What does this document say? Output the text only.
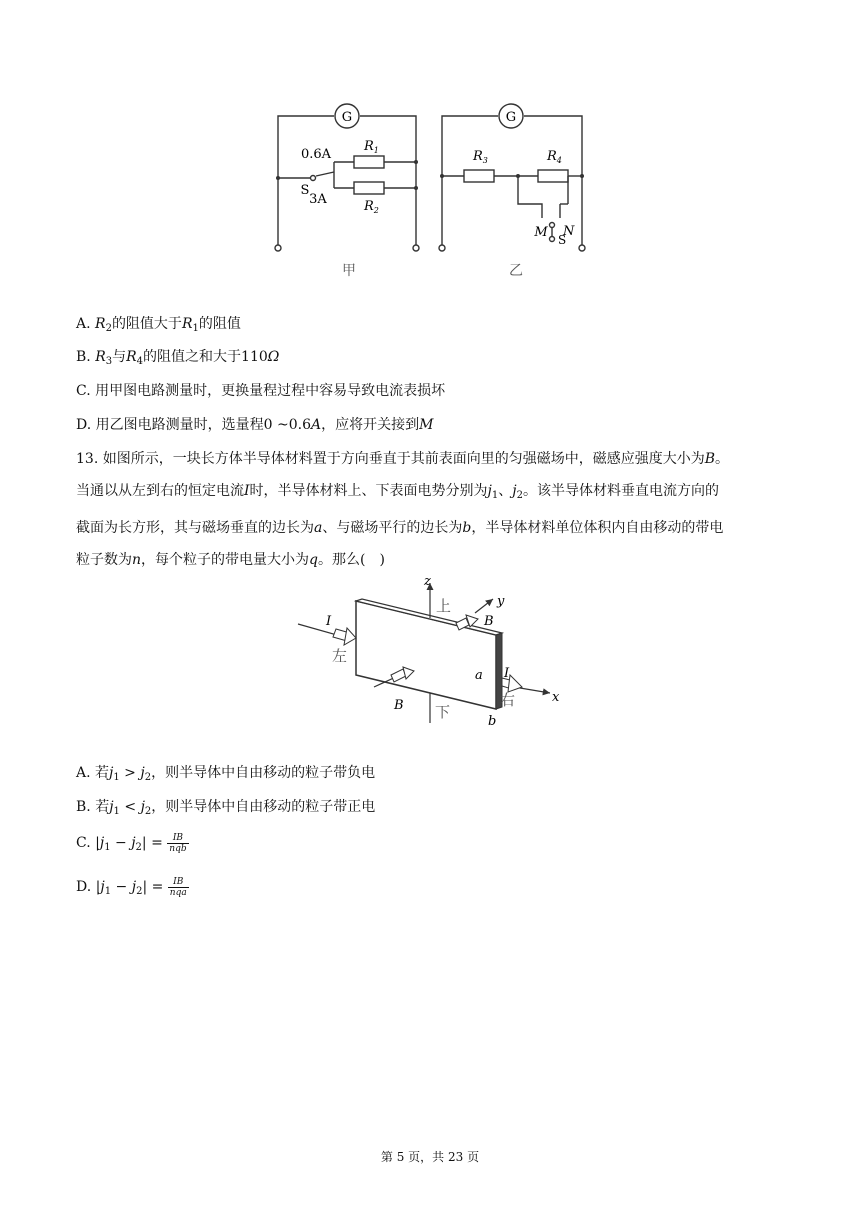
G	G
0.6A
3A
S
$R_1$
$R_2$
$R_3$	$R_4$
M N
S
甲	乙
A. $R_2$的阻值大于$R_1$的阻值
B. $R_3$与$R_4$的阻值之和大于110Ω
C. 用甲图电路测量时，更换量程过程中容易导致电流表损坏
D. 用乙图电路测量时，选量程0 ~0.6A，应将开关接到M
13. 如图所示，一块长方体半导体材料置于方向垂直于其前表面向里的匀强磁场中，磁感应强度大小为B。
当通以从左到右的恒定电流I时，半导体材料上、下表面电势分别为$j_1$、$j_2$。该半导体材料垂直电流方向的
截面为长方形，其与磁场垂直的边长为a、与磁场平行的边长为b，半导体材料单位体积内自由移动的带电
粒子数为n，每个粒子的带电量大小为q。那么(　)
z
y
x
上
下
左
右
I
I
B
B
a
b
A. 若$j_1 > j_2$，则半导体中自由移动的粒子带负电
B. 若$j_1 < j_2$，则半导体中自由移动的粒子带正电
C. $|j_1 - j_2| = \frac{IB}{\text{nqb}}$
D. $|j_1 - j_2| = \frac{IB}{\text{nqa}}$
第 5 页，共 23 页
